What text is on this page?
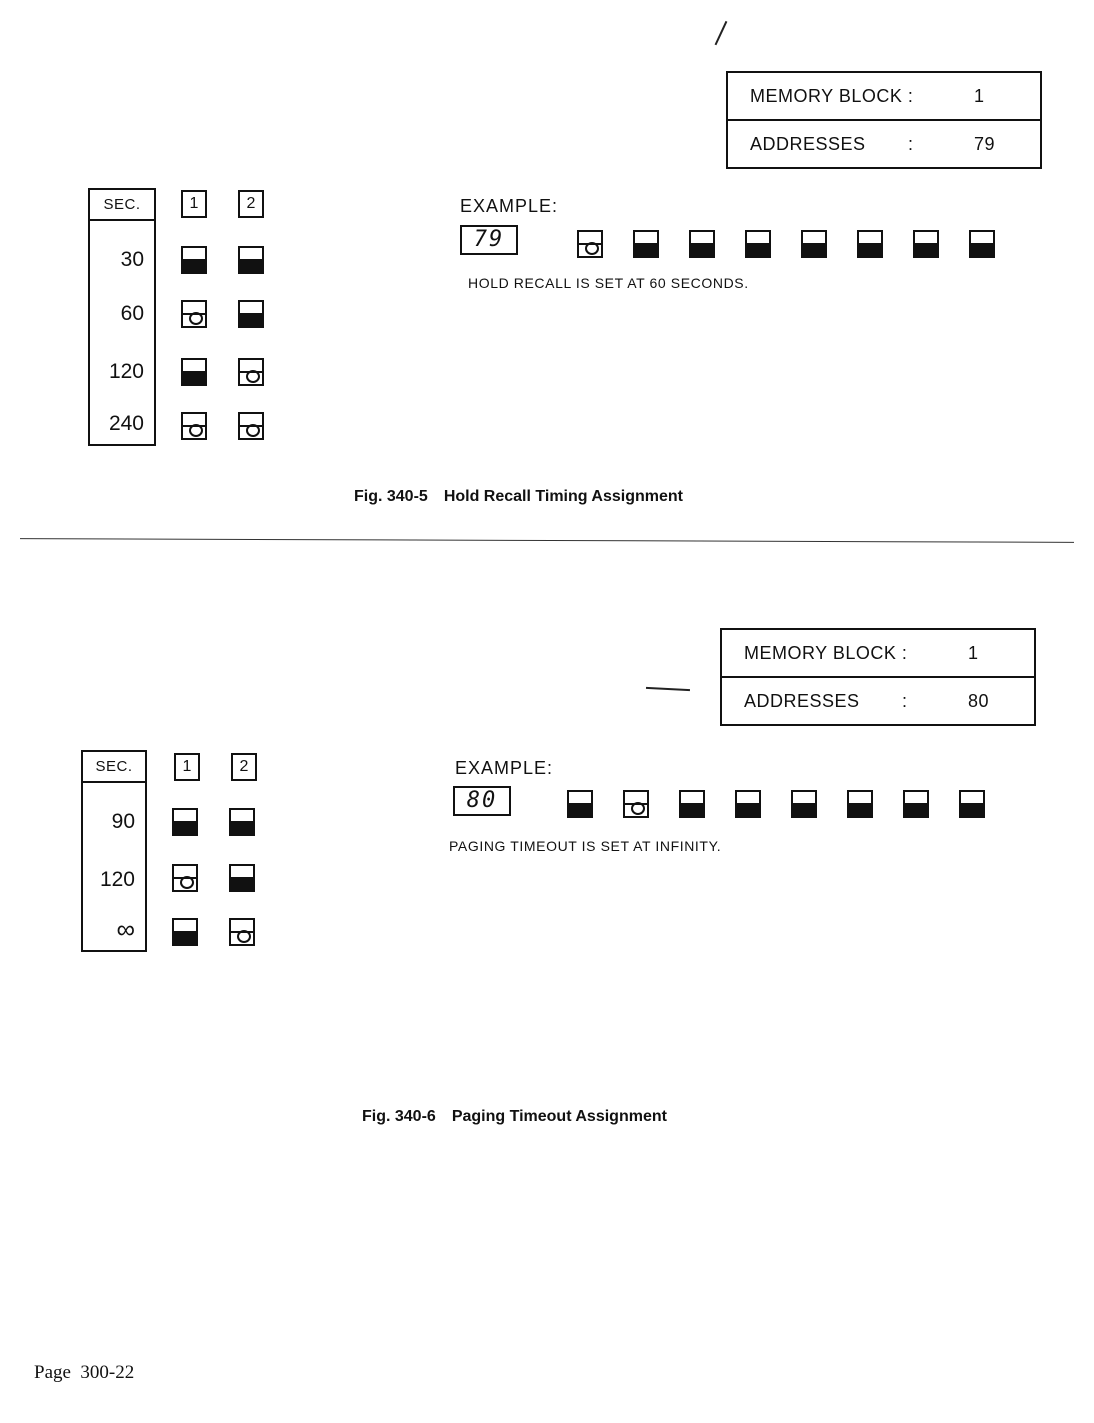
MEMORY BLOCK :	1
ADDRESSES :	79
SEC.
30
60
120
240
1	2	EXAMPLE:
79
HOLD RECALL IS SET AT 60 SECONDS.
Fig. 340-5 Hold Recall Timing Assignment
MEMORY BLOCK :	1
ADDRESSES :	80
SEC.
90
120
∞
1	2	EXAMPLE:
80
PAGING TIMEOUT IS SET AT INFINITY.
Fig. 340-6 Paging Timeout Assignment
Page  300-22
